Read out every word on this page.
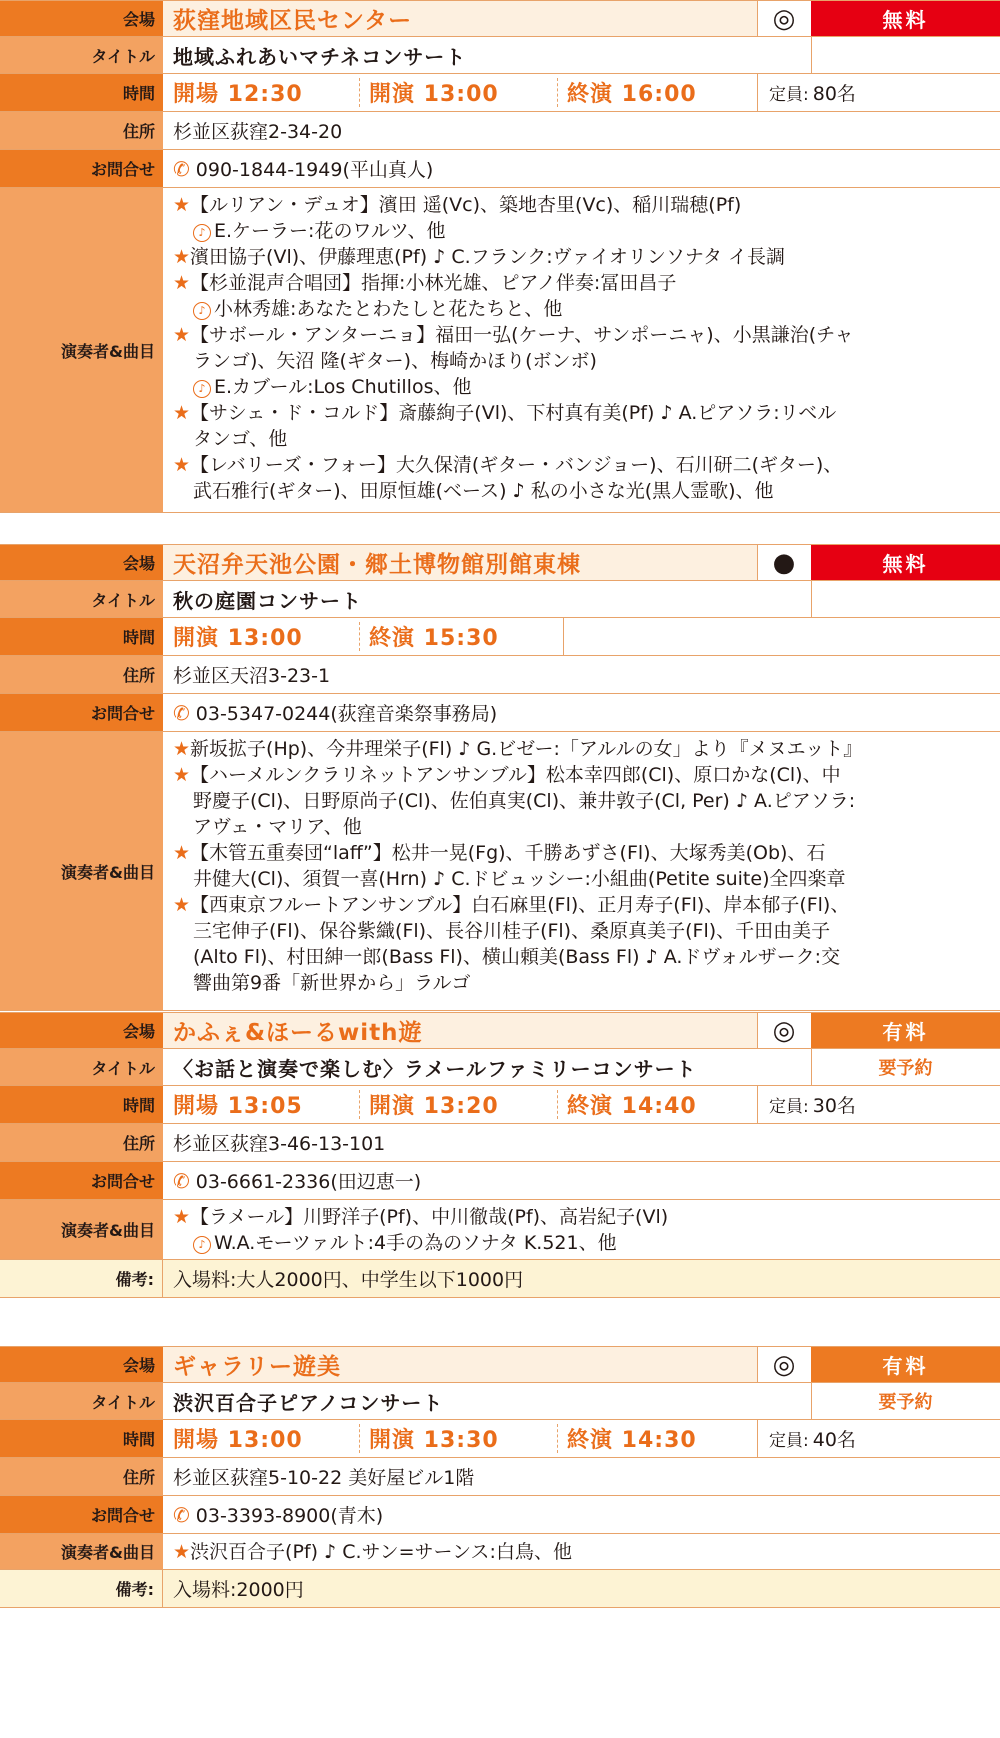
会場 荻窪地域区民センター	◎	無料
タイトル 地域ふれあいマチネコンサート
時間 開場 12:30	開演 13:00	終演 16:00	定員: 80名
住所 杉並区荻窪2-34-20
お問合せ ✆ 090-1844-1949(平山真人)
演奏者&曲目
★【ルリアン・デュオ】濱田 遥(Vc)、築地杏里(Vc)、稲川瑞穂(Pf)
♪ E.ケーラー:花のワルツ、他
★濱田協子(Vl)、伊藤理恵(Pf) ♪ C.フランク:ヴァイオリンソナタ イ長調
★【杉並混声合唱団】指揮:小林光雄、ピアノ伴奏:冨田昌子
♪ 小林秀雄:あなたとわたしと花たちと、他
★【サボール・アンターニョ】福田一弘(ケーナ、サンポーニャ)、小黒謙治(チャ
ランゴ)、矢沼 隆(ギター)、梅崎かほり(ボンボ)
♪ E.カブール:Los Chutillos、他
★【サシェ・ド・コルド】斎藤絢子(Vl)、下村真有美(Pf) ♪ A.ピアソラ:リベル
タンゴ、他
★【レバリーズ・フォー】大久保清(ギター・バンジョー)、石川研二(ギター)、
武石雅行(ギター)、田原恒雄(ベース) ♪ 私の小さな光(黒人霊歌)、他
会場 天沼弁天池公園・郷土博物館別館東棟	●	無料
タイトル 秋の庭園コンサート
時間 開演 13:00	終演 15:30
住所 杉並区天沼3-23-1
お問合せ ✆ 03-5347-0244(荻窪音楽祭事務局)
演奏者&曲目
★新坂拡子(Hp)、今井理栄子(Fl) ♪ G.ビゼー:「アルルの女」より『メヌエット』
★【ハーメルンクラリネットアンサンブル】松本幸四郎(Cl)、原口かな(Cl)、中
野慶子(Cl)、日野原尚子(Cl)、佐伯真実(Cl)、兼井敦子(Cl, Per) ♪ A.ピアソラ:
アヴェ・マリア、他
★【木管五重奏団“laff”】松井一晃(Fg)、千勝あずさ(Fl)、大塚秀美(Ob)、石
井健大(Cl)、須賀一喜(Hrn) ♪ C.ドビュッシー:小組曲(Petite suite)全四楽章
★【西東京フルートアンサンブル】白石麻里(Fl)、正月寿子(Fl)、岸本郁子(Fl)、
三宅伸子(Fl)、保谷紫織(Fl)、長谷川桂子(Fl)、桑原真美子(Fl)、千田由美子
(Alto Fl)、村田紳一郎(Bass Fl)、横山頼美(Bass Fl) ♪ A.ドヴォルザーク:交
響曲第9番「新世界から」ラルゴ
会場 かふぇ&ほーるwith遊	◎	有料
タイトル 〈お話と演奏で楽しむ〉ラメールファミリーコンサート	要予約
時間 開場 13:05	開演 13:20	終演 14:40	定員: 30名
住所 杉並区荻窪3-46-13-101
お問合せ ✆ 03-6661-2336(田辺恵一)
演奏者&曲目
★【ラメール】川野洋子(Pf)、中川徹哉(Pf)、高岩紀子(Vl)
♪ W.A.モーツァルト:4手の為のソナタ K.521、他
備考:	入場料:大人2000円、中学生以下1000円
会場 ギャラリー遊美	◎	有料
タイトル 渋沢百合子ピアノコンサート	要予約
時間 開場 13:00	開演 13:30	終演 14:30	定員: 40名
住所 杉並区荻窪5-10-22 美好屋ビル1階
お問合せ ✆ 03-3393-8900(青木)
演奏者&曲目 ★渋沢百合子(Pf) ♪ C.サン=サーンス:白鳥、他
備考:	入場料:2000円
